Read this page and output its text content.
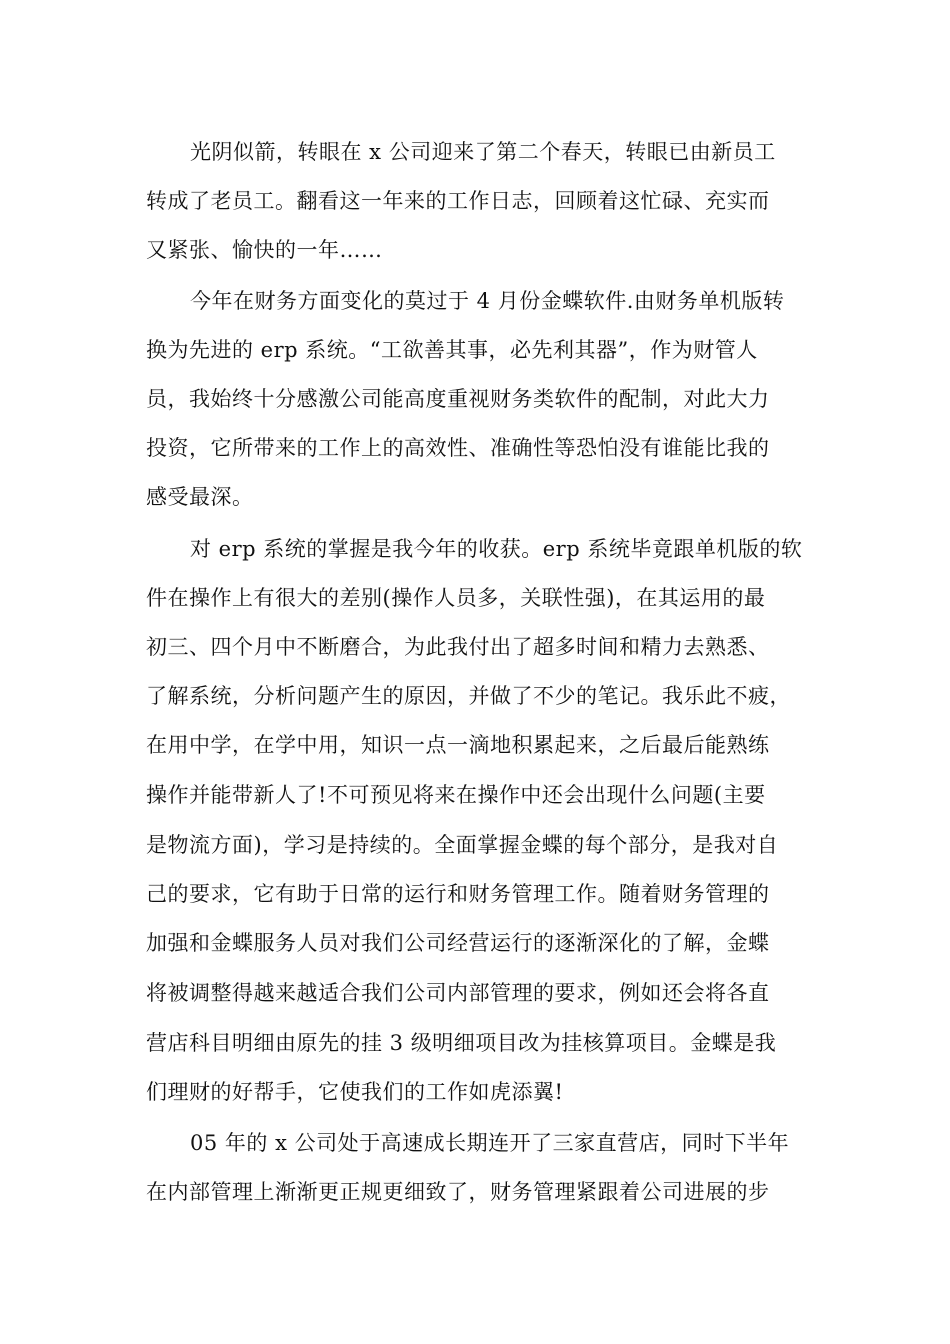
光阴似箭，转眼在 x 公司迎来了第二个春天，转眼已由新员工
转成了老员工。翻看这一年来的工作日志，回顾着这忙碌、充实而
又紧张、愉快的一年……
今年在财务方面变化的莫过于 4 月份金蝶软件.由财务单机版转
换为先进的 erp 系统。“工欲善其事，必先利其器”，作为财管人
员，我始终十分感激公司能高度重视财务类软件的配制，对此大力
投资，它所带来的工作上的高效性、准确性等恐怕没有谁能比我的
感受最深。
对 erp 系统的掌握是我今年的收获。erp 系统毕竟跟单机版的软
件在操作上有很大的差别(操作人员多，关联性强)，在其运用的最
初三、四个月中不断磨合，为此我付出了超多时间和精力去熟悉、
了解系统，分析问题产生的原因，并做了不少的笔记。我乐此不疲，
在用中学，在学中用，知识一点一滴地积累起来，之后最后能熟练
操作并能带新人了!不可预见将来在操作中还会出现什么问题(主要
是物流方面)，学习是持续的。全面掌握金蝶的每个部分，是我对自
己的要求，它有助于日常的运行和财务管理工作。随着财务管理的
加强和金蝶服务人员对我们公司经营运行的逐渐深化的了解，金蝶
将被调整得越来越适合我们公司内部管理的要求，例如还会将各直
营店科目明细由原先的挂 3 级明细项目改为挂核算项目。金蝶是我
们理财的好帮手，它使我们的工作如虎添翼!
05 年的 x 公司处于高速成长期连开了三家直营店，同时下半年
在内部管理上渐渐更正规更细致了，财务管理紧跟着公司进展的步
